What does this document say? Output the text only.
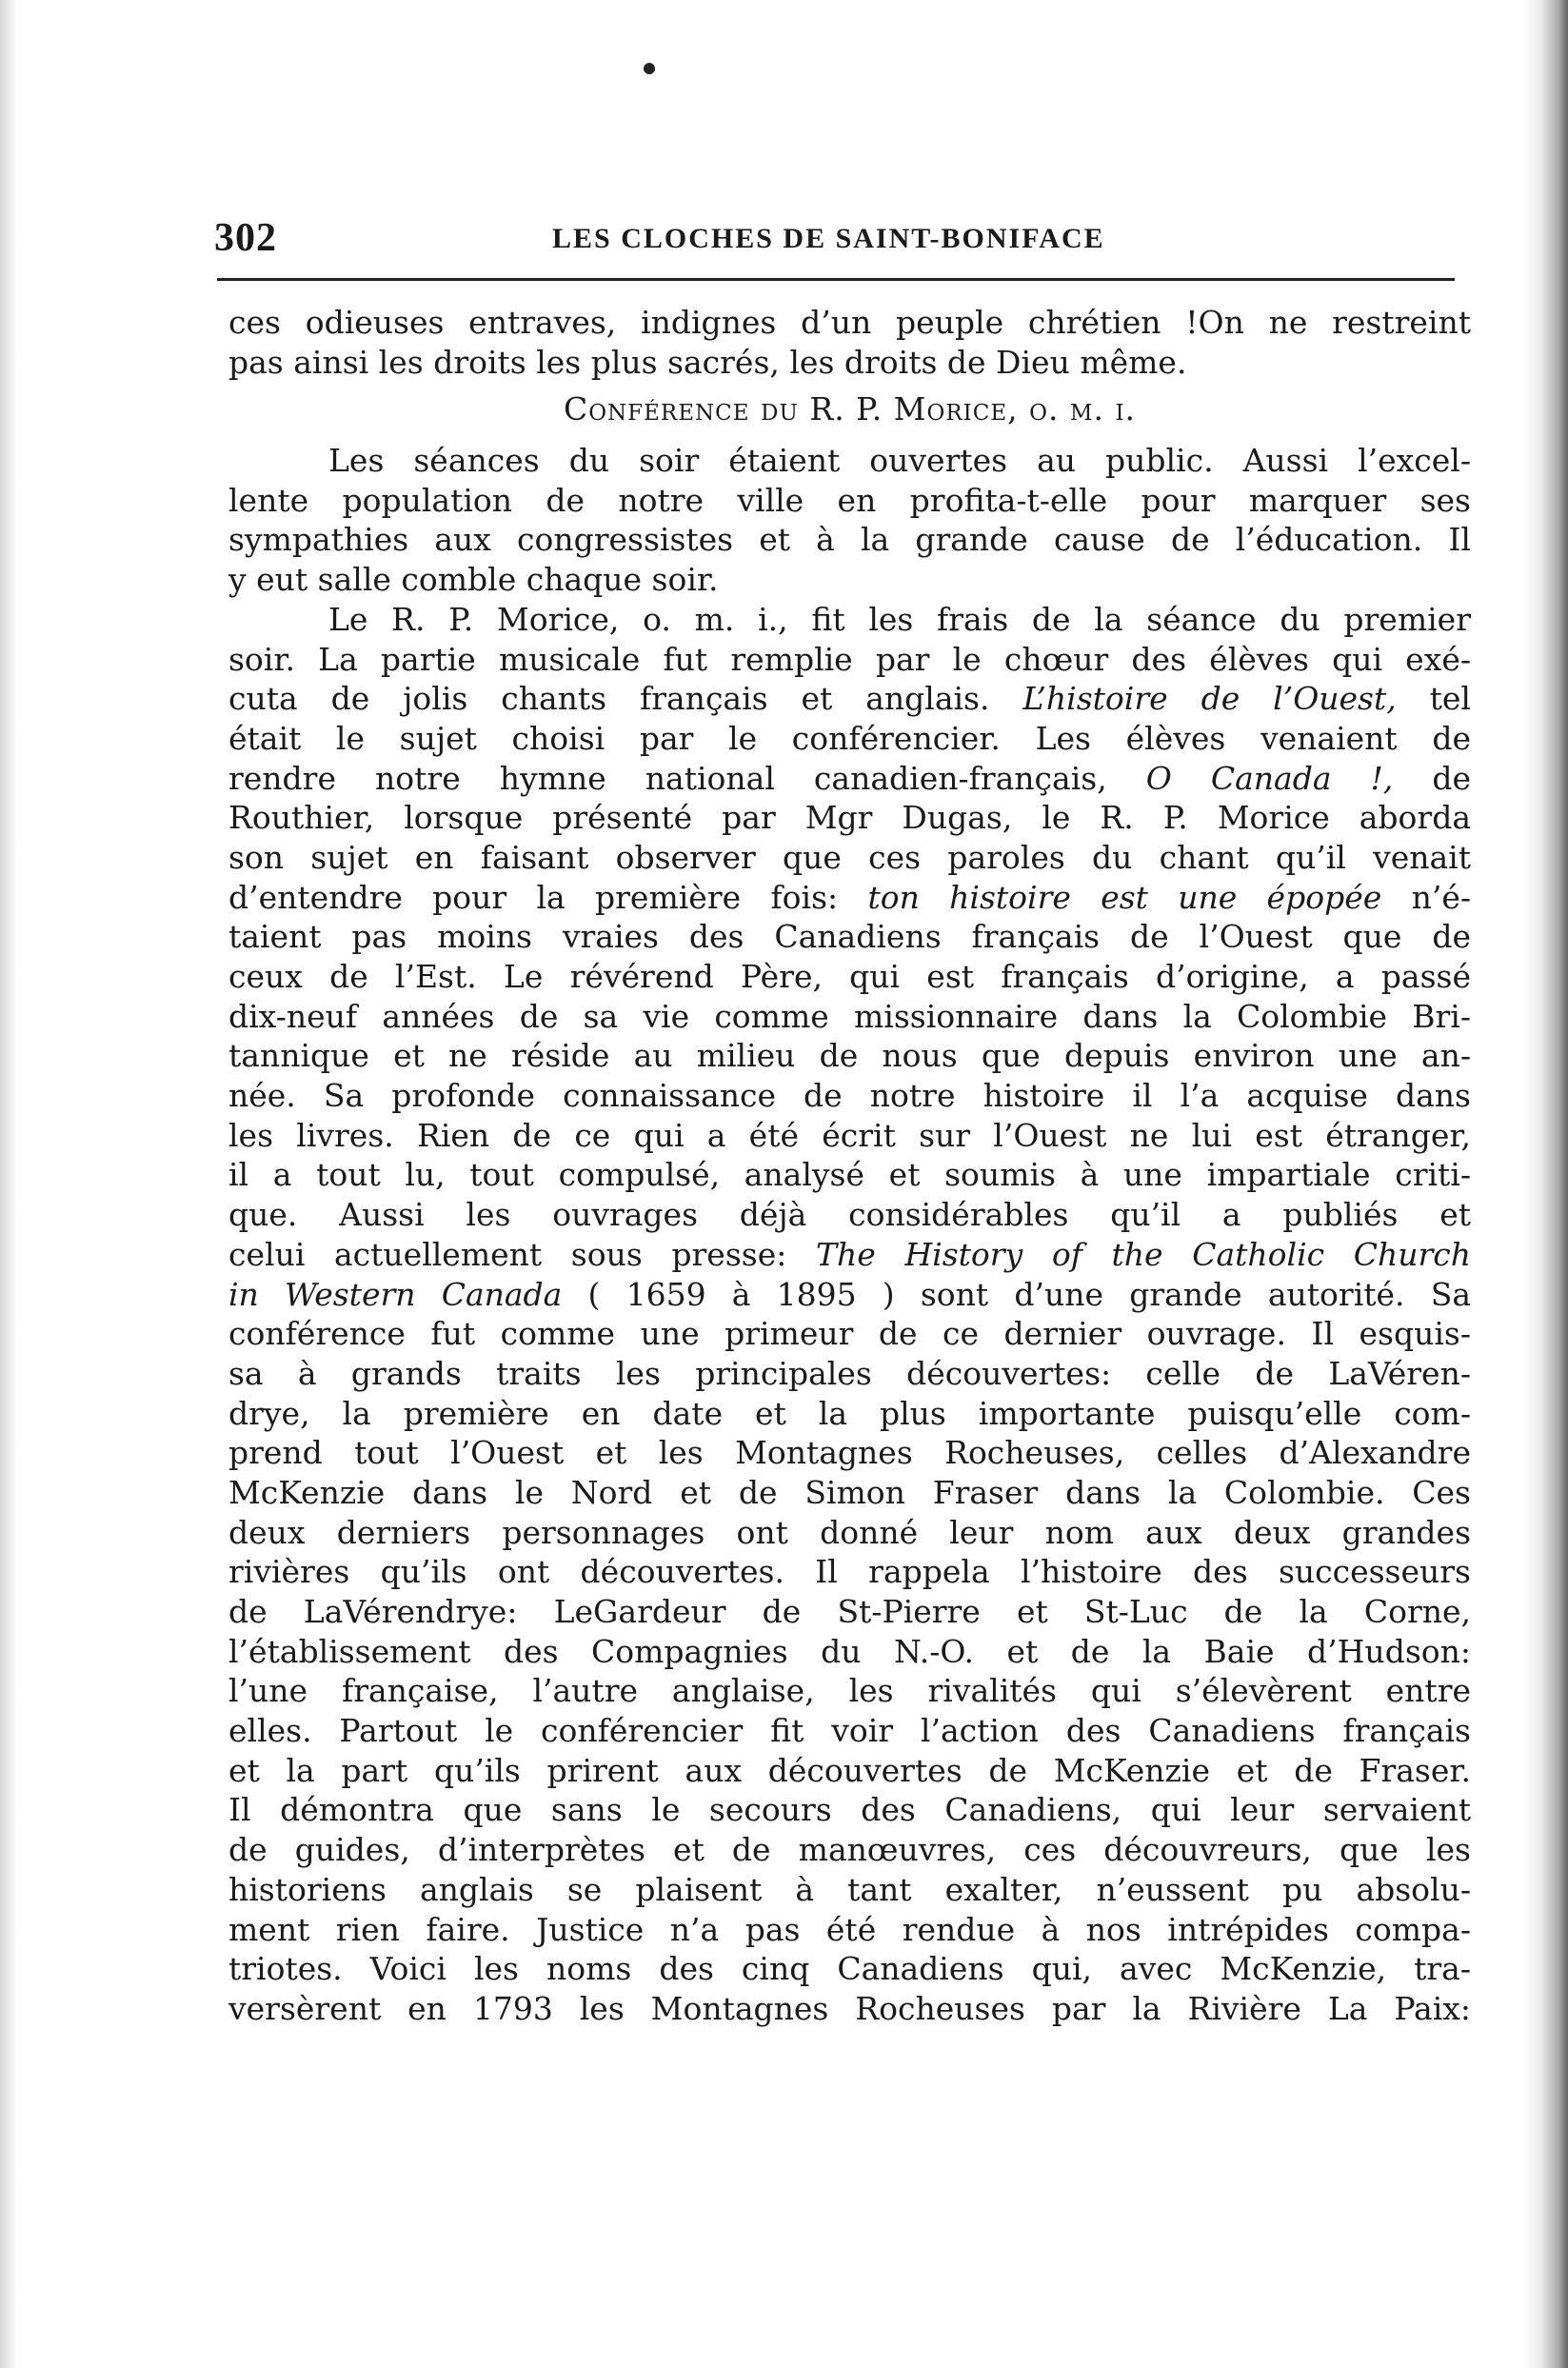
302	LES CLOCHES DE SAINT-BONIFACE
ces odieuses entraves, indignes d’un peuple chrétien !On ne restreint
pas ainsi les droits les plus sacrés, les droits de Dieu même.
Conférence du R. P. Morice, o. m. i.
Les séances du soir étaient ouvertes au public. Aussi l’excel-
lente population de notre ville en profita-t-elle pour marquer ses
sympathies aux congressistes et à la grande cause de l’éducation. Il
y eut salle comble chaque soir.
Le R. P. Morice, o. m. i., fit les frais de la séance du premier
soir. La partie musicale fut remplie par le chœur des élèves qui exé-
cuta de jolis chants français et anglais. L’histoire de l’Ouest, tel
était le sujet choisi par le conférencier. Les élèves venaient de
rendre notre hymne national canadien-français, O Canada !, de
Routhier, lorsque présenté par Mgr Dugas, le R. P. Morice aborda
son sujet en faisant observer que ces paroles du chant qu’il venait
d’entendre pour la première fois: ton histoire est une épopée n’é-
taient pas moins vraies des Canadiens français de l’Ouest que de
ceux de l’Est. Le révérend Père, qui est français d’origine, a passé
dix-neuf années de sa vie comme missionnaire dans la Colombie Bri-
tannique et ne réside au milieu de nous que depuis environ une an-
née. Sa profonde connaissance de notre histoire il l’a acquise dans
les livres. Rien de ce qui a été écrit sur l’Ouest ne lui est étranger,
il a tout lu, tout compulsé, analysé et soumis à une impartiale criti-
que. Aussi les ouvrages déjà considérables qu’il a publiés et
celui actuellement sous presse: The History of the Catholic Church
in Western Canada ( 1659 à 1895 ) sont d’une grande autorité. Sa
conférence fut comme une primeur de ce dernier ouvrage. Il esquis-
sa à grands traits les principales découvertes: celle de LaVéren-
drye, la première en date et la plus importante puisqu’elle com-
prend tout l’Ouest et les Montagnes Rocheuses, celles d’Alexandre
McKenzie dans le Nord et de Simon Fraser dans la Colombie. Ces
deux derniers personnages ont donné leur nom aux deux grandes
rivières qu’ils ont découvertes. Il rappela l’histoire des successeurs
de LaVérendrye: LeGardeur de St-Pierre et St-Luc de la Corne,
l’établissement des Compagnies du N.-O. et de la Baie d’Hudson:
l’une française, l’autre anglaise, les rivalités qui s’élevèrent entre
elles. Partout le conférencier fit voir l’action des Canadiens français
et la part qu’ils prirent aux découvertes de McKenzie et de Fraser.
Il démontra que sans le secours des Canadiens, qui leur servaient
de guides, d’interprètes et de manœuvres, ces découvreurs, que les
historiens anglais se plaisent à tant exalter, n’eussent pu absolu-
ment rien faire. Justice n’a pas été rendue à nos intrépides compa-
triotes. Voici les noms des cinq Canadiens qui, avec McKenzie, tra-
versèrent en 1793 les Montagnes Rocheuses par la Rivière La Paix:
